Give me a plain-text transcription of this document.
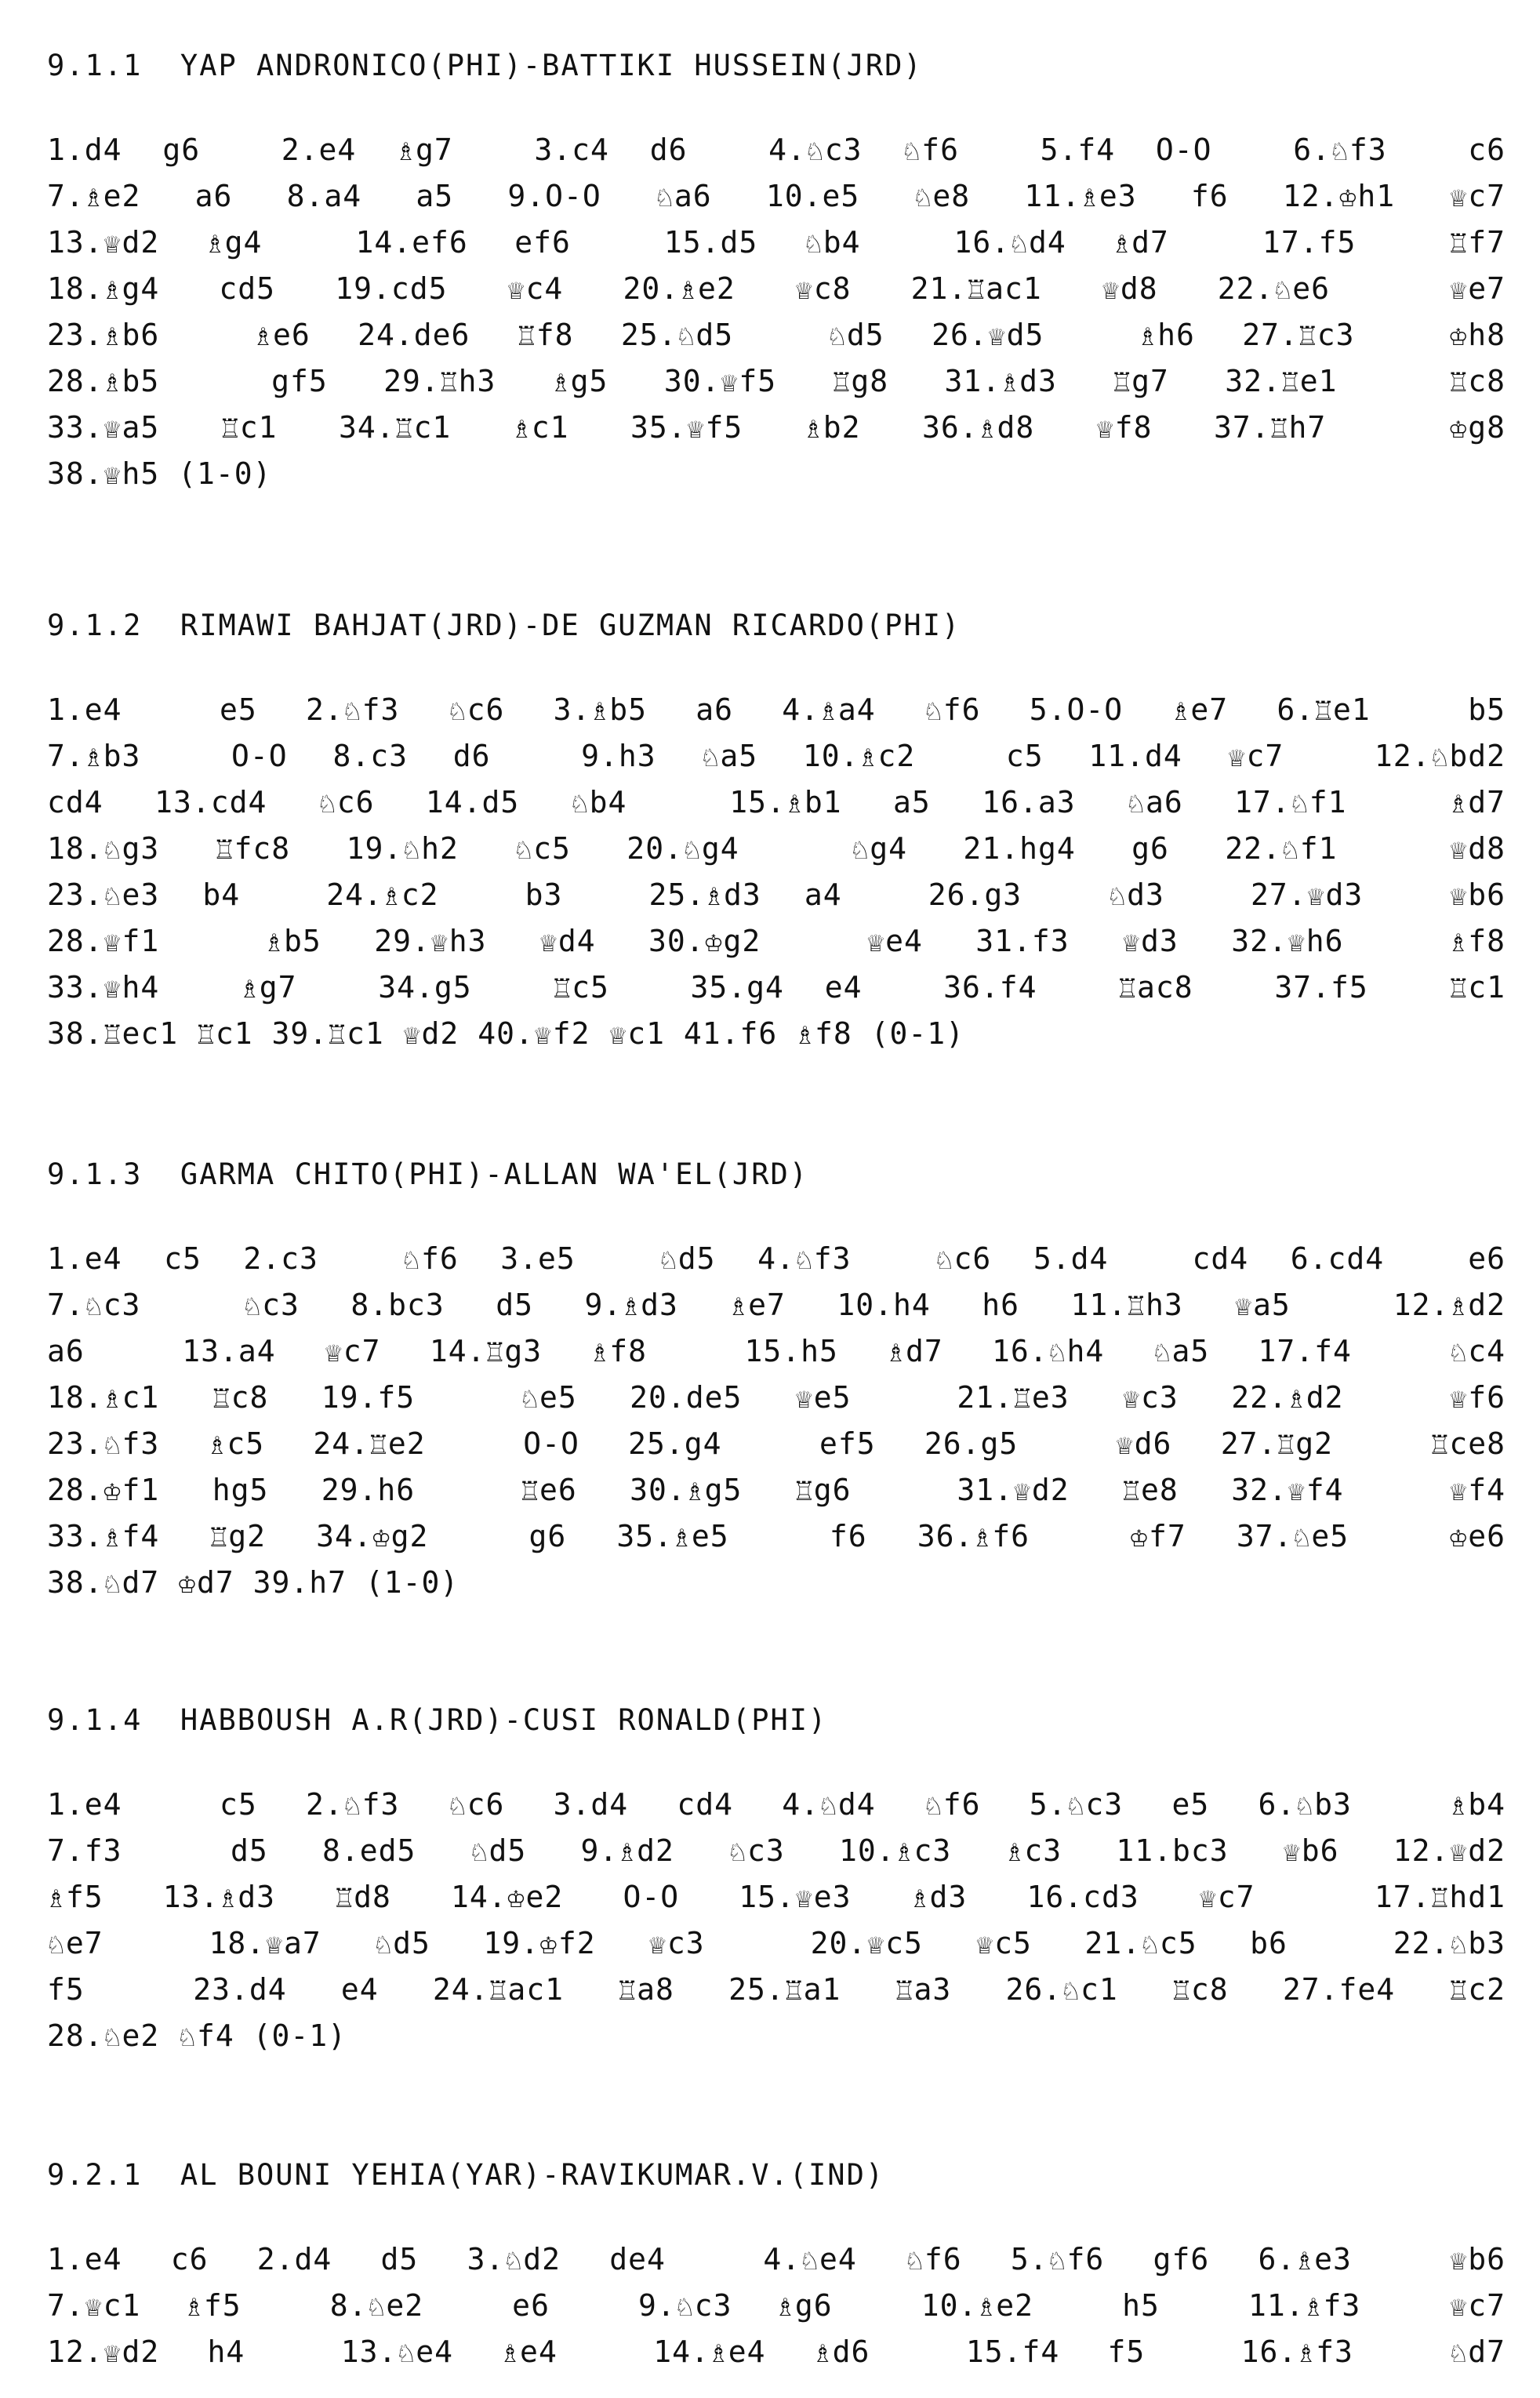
9.1.1  YAP ANDRONICO(PHI)-BATTIKI HUSSEIN(JRD)
1.d4 g6  2.e4 ♗g7  3.c4 d6  4.♘c3 ♘f6  5.f4 O-O  6.♘f3  c6
7.♗e2 a6 8.a4 a5 9.O-O ♘a6 10.e5 ♘e8 11.♗e3 f6 12.♔h1 ♕c7
13.♕d2 ♗g4  14.ef6 ef6  15.d5 ♘b4  16.♘d4 ♗d7  17.f5  ♖f7
18.♗g4 cd5 19.cd5 ♕c4 20.♗e2 ♕c8 21.♖ac1 ♕d8 22.♘e6  ♕e7
23.♗b6  ♗e6 24.de6 ♖f8 25.♘d5  ♘d5 26.♕d5  ♗h6 27.♖c3  ♔h8
28.♗b5  gf5 29.♖h3 ♗g5 30.♕f5 ♖g8 31.♗d3 ♖g7 32.♖e1  ♖c8
33.♕a5 ♖c1 34.♖c1 ♗c1 35.♕f5 ♗b2 36.♗d8 ♕f8 37.♖h7  ♔g8
38.♕h5 (1-0)
9.1.2  RIMAWI BAHJAT(JRD)-DE GUZMAN RICARDO(PHI)
1.e4  e5 2.♘f3 ♘c6 3.♗b5 a6 4.♗a4 ♘f6 5.O-O ♗e7 6.♖e1  b5
7.♗b3  O-O 8.c3 d6  9.h3 ♘a5 10.♗c2  c5 11.d4 ♕c7  12.♘bd2
cd4 13.cd4 ♘c6 14.d5 ♘b4  15.♗b1 a5 16.a3 ♘a6 17.♘f1  ♗d7
18.♘g3 ♖fc8 19.♘h2 ♘c5 20.♘g4  ♘g4 21.hg4 g6 22.♘f1  ♕d8
23.♘e3 b4  24.♗c2  b3  25.♗d3 a4  26.g3  ♘d3  27.♕d3  ♕b6
28.♕f1  ♗b5 29.♕h3 ♕d4 30.♔g2  ♕e4 31.f3 ♕d3 32.♕h6  ♗f8
33.♕h4  ♗g7  34.g5  ♖c5  35.g4 e4  36.f4  ♖ac8  37.f5  ♖c1
38.♖ec1 ♖c1 39.♖c1 ♕d2 40.♕f2 ♕c1 41.f6 ♗f8 (0-1)
9.1.3  GARMA CHITO(PHI)-ALLAN WA'EL(JRD)
1.e4 c5 2.c3  ♘f6 3.e5  ♘d5 4.♘f3  ♘c6 5.d4  cd4 6.cd4  e6
7.♘c3  ♘c3 8.bc3 d5 9.♗d3 ♗e7 10.h4 h6 11.♖h3 ♕a5  12.♗d2
a6  13.a4 ♕c7 14.♖g3 ♗f8  15.h5 ♗d7 16.♘h4 ♘a5 17.f4  ♘c4
18.♗c1 ♖c8 19.f5  ♘e5 20.de5 ♕e5  21.♖e3 ♕c3 22.♗d2  ♕f6
23.♘f3 ♗c5 24.♖e2  O-O 25.g4  ef5 26.g5  ♕d6 27.♖g2  ♖ce8
28.♔f1 hg5 29.h6  ♖e6 30.♗g5 ♖g6  31.♕d2 ♖e8 32.♕f4  ♕f4
33.♗f4 ♖g2 34.♔g2  g6 35.♗e5  f6 36.♗f6  ♔f7 37.♘e5  ♔e6
38.♘d7 ♔d7 39.h7 (1-0)
9.1.4  HABBOUSH A.R(JRD)-CUSI RONALD(PHI)
1.e4  c5 2.♘f3 ♘c6 3.d4 cd4 4.♘d4 ♘f6 5.♘c3 e5 6.♘b3  ♗b4
7.f3  d5 8.ed5 ♘d5 9.♗d2 ♘c3 10.♗c3 ♗c3 11.bc3 ♕b6 12.♕d2
♗f5 13.♗d3 ♖d8 14.♔e2 O-O 15.♕e3 ♗d3 16.cd3 ♕c7  17.♖hd1
♘e7  18.♕a7 ♘d5 19.♔f2 ♕c3  20.♕c5 ♕c5 21.♘c5 b6  22.♘b3
f5  23.d4 e4 24.♖ac1 ♖a8 25.♖a1 ♖a3 26.♘c1 ♖c8 27.fe4 ♖c2
28.♘e2 ♘f4 (0-1)
9.2.1  AL BOUNI YEHIA(YAR)-RAVIKUMAR.V.(IND)
1.e4 c6 2.d4 d5 3.♘d2 de4  4.♘e4 ♘f6 5.♘f6 gf6 6.♗e3  ♕b6
7.♕c1 ♗f5  8.♘e2  e6  9.♘c3 ♗g6  10.♗e2  h5  11.♗f3  ♕c7
12.♕d2 h4  13.♘e4 ♗e4  14.♗e4 ♗d6  15.f4 f5  16.♗f3  ♘d7
